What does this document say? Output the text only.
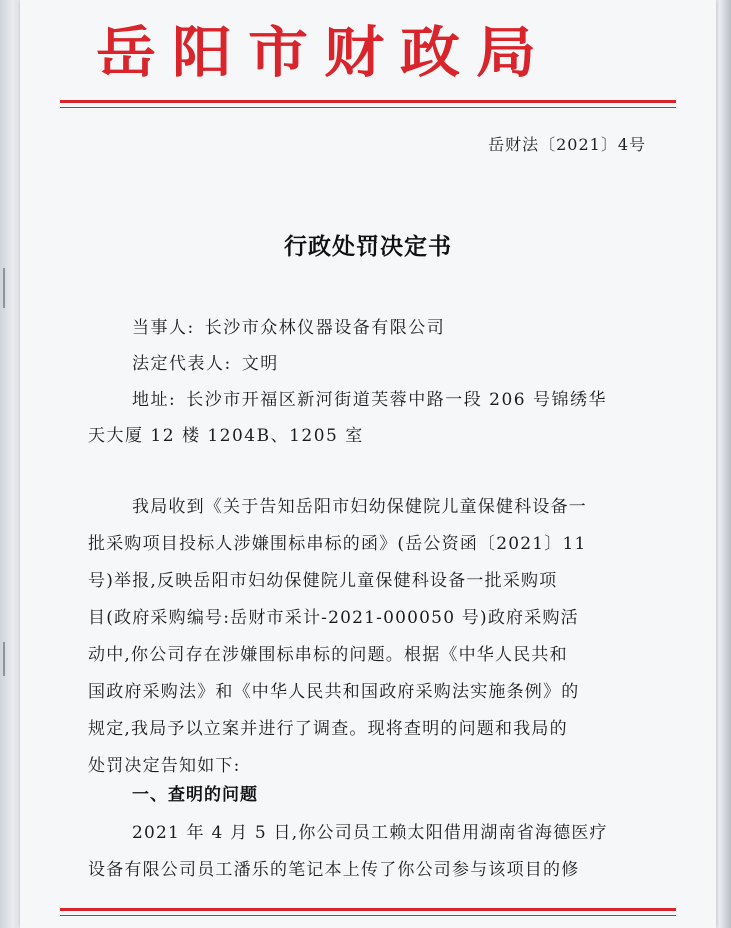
岳阳市财政局
岳财法〔2021〕4号
行政处罚决定书
当事人: 长沙市众林仪器设备有限公司
法定代表人: 文明
地址: 长沙市开福区新河街道芙蓉中路一段 206 号锦绣华
天大厦 12 楼 1204B、1205 室
我局收到《关于告知岳阳市妇幼保健院儿童保健科设备一
批采购项目投标人涉嫌围标串标的函》(岳公资函〔2021〕11
号)举报,反映岳阳市妇幼保健院儿童保健科设备一批采购项
目(政府采购编号:岳财市采计-2021-000050 号)政府采购活
动中,你公司存在涉嫌围标串标的问题。根据《中华人民共和
国政府采购法》和《中华人民共和国政府采购法实施条例》的
规定,我局予以立案并进行了调查。现将查明的问题和我局的
处罚决定告知如下:
一、查明的问题
2021 年 4 月 5 日,你公司员工赖太阳借用湖南省海德医疗
设备有限公司员工潘乐的笔记本上传了你公司参与该项目的修
